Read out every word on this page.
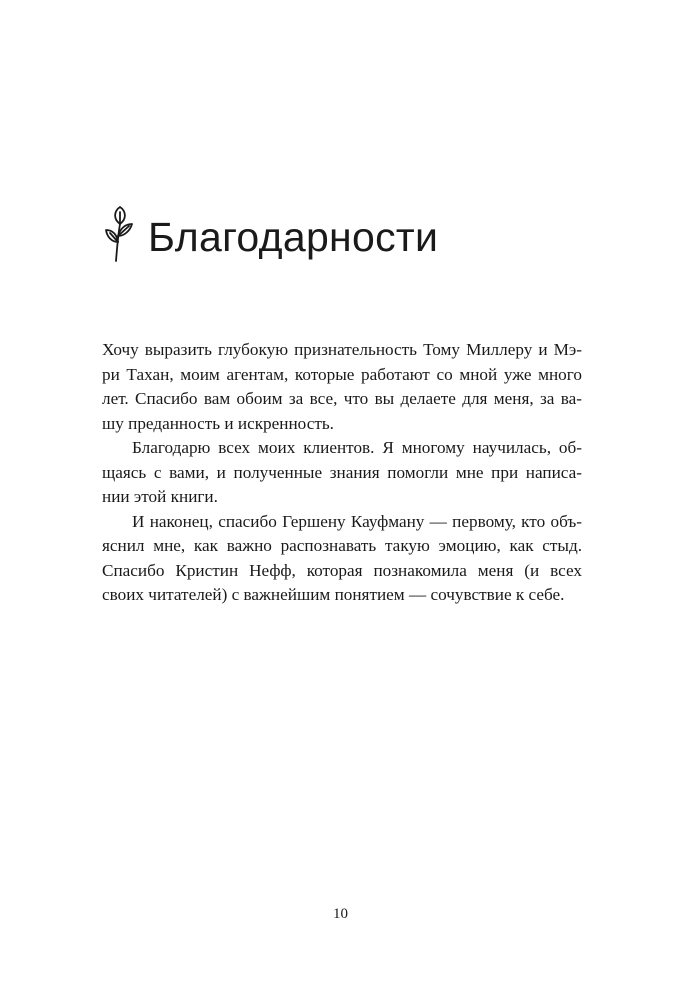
Благодарности
Хочу выразить глубокую признательность Тому Миллеру и Мэ-
ри Тахан, моим агентам, которые работают со мной уже много
лет. Спасибо вам обоим за все, что вы делаете для меня, за ва-
шу преданность и искренность.
Благодарю всех моих клиентов. Я многому научилась, об-
щаясь с вами, и полученные знания помогли мне при написа-
нии этой книги.
И наконец, спасибо Гершену Кауфману — первому, кто объ-
яснил мне, как важно распознавать такую эмоцию, как стыд.
Спасибо Кристин Нефф, которая познакомила меня (и всех
своих читателей) с важнейшим понятием — сочувствие к себе.
10
